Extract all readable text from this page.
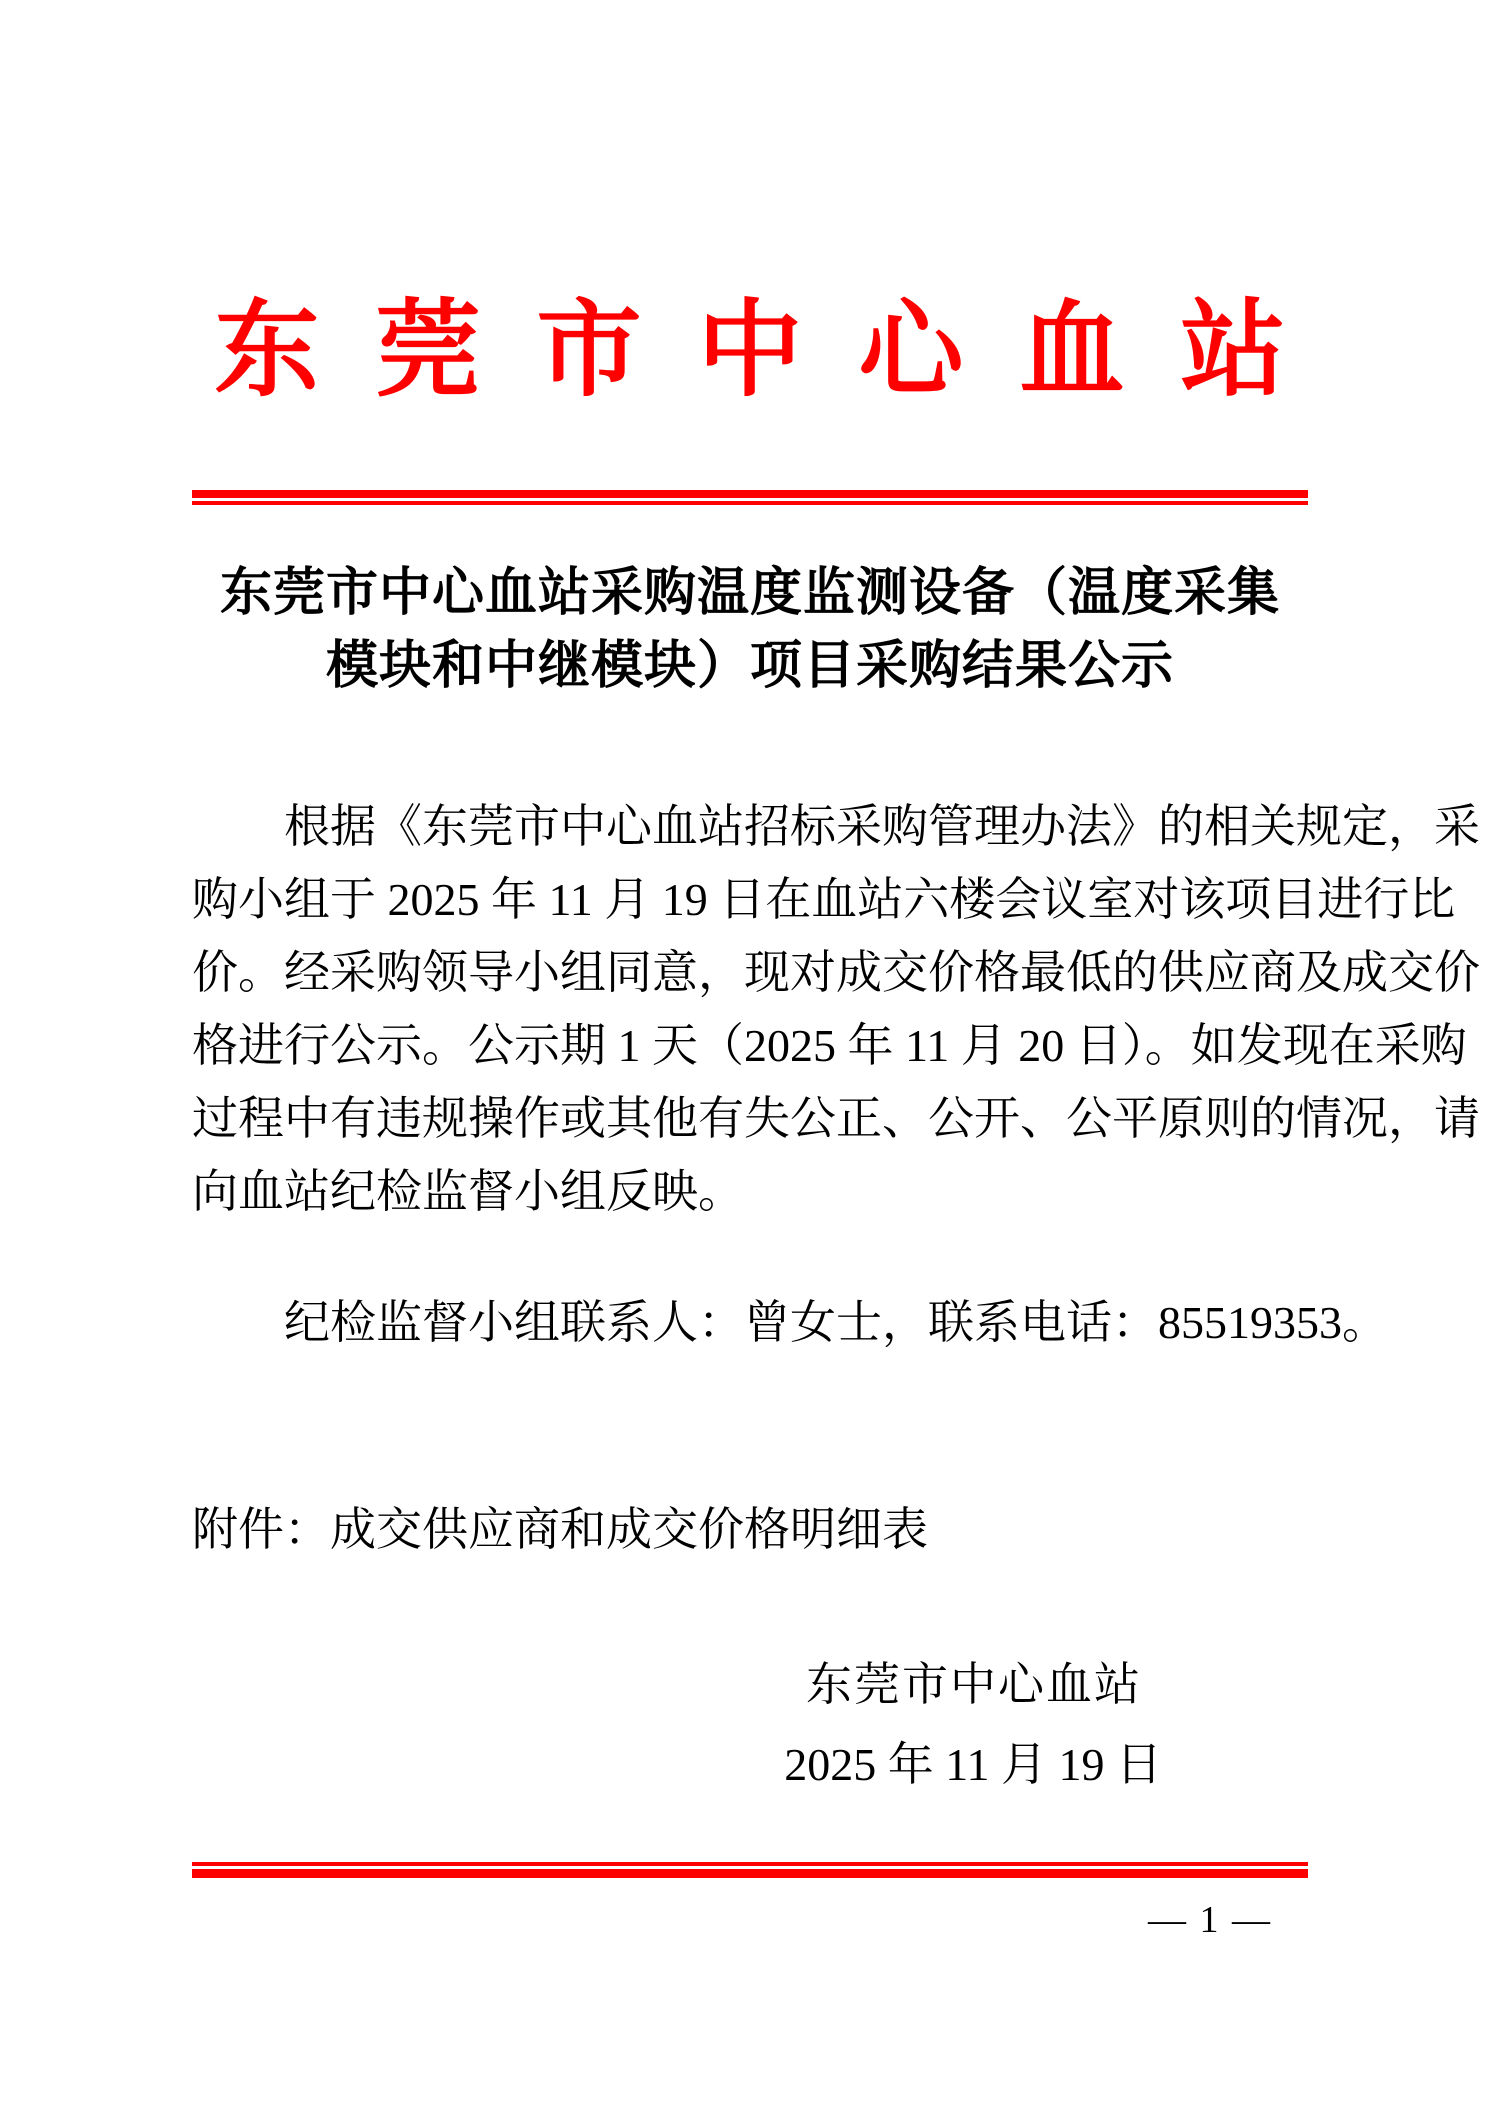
东莞市中心血站
东莞市中心血站采购温度监测设备（温度采集
模块和中继模块）项目采购结果公示
根据《东莞市中心血站招标采购管理办法》的相关规定，采
购小组于 2025 年 11 月 19 日在血站六楼会议室对该项目进行比
价。经采购领导小组同意，现对成交价格最低的供应商及成交价
格进行公示。公示期 1 天（2025 年 11 月 20 日）。如发现在采购
过程中有违规操作或其他有失公正、公开、公平原则的情况，请
向血站纪检监督小组反映。
纪检监督小组联系人：曾女士，联系电话：85519353。
附件：成交供应商和成交价格明细表
东莞市中心血站
2025 年 11 月 19 日
— 1 —
